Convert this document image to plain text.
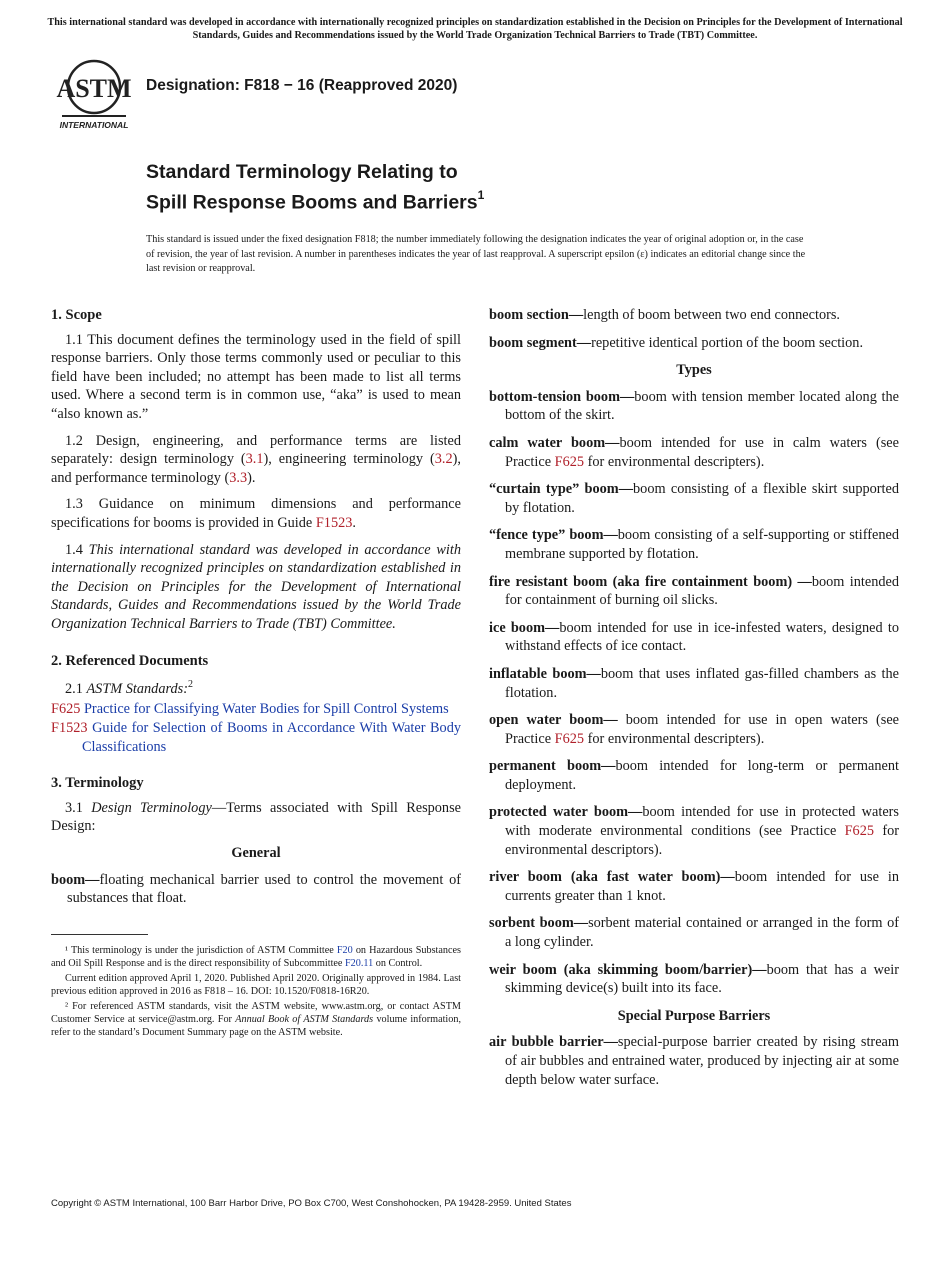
This international standard was developed in accordance with internationally recognized principles on standardization established in the Decision on Principles for the Development of International Standards, Guides and Recommendations issued by the World Trade Organization Technical Barriers to Trade (TBT) Committee.
ASTM
INTERNATIONAL
Designation: F818 − 16 (Reapproved 2020)
Standard Terminology Relating to
Spill Response Booms and Barriers$^1$
This standard is issued under the fixed designation F818; the number immediately following the designation indicates the year of original adoption or, in the case of revision, the year of last revision. A number in parentheses indicates the year of last reapproval. A superscript epsilon (ε) indicates an editorial change since the last revision or reapproval.
1. Scope

1.1 This document defines the terminology used in the field of spill response barriers. Only those terms commonly used or peculiar to this field have been included; no attempt has been made to list all terms used. Where a second term is in common use, “aka” is used to mean “also known as.”

1.2 Design, engineering, and performance terms are listed separately: design terminology (3.1), engineering terminology (3.2), and performance terminology (3.3).

1.3 Guidance on minimum dimensions and performance specifications for booms is provided in Guide F1523.

1.4 This international standard was developed in accordance with internationally recognized principles on standardization established in the Decision on Principles for the Development of International Standards, Guides and Recommendations issued by the World Trade Organization Technical Barriers to Trade (TBT) Committee.

2. Referenced Documents

2.1 ASTM Standards:$^2$

F625 Practice for Classifying Water Bodies for Spill Control Systems

F1523 Guide for Selection of Booms in Accordance With Water Body Classifications

3. Terminology

3.1 Design Terminology—Terms associated with Spill Response Design:

General

boom—floating mechanical barrier used to control the movement of substances that float.

¹ This terminology is under the jurisdiction of ASTM Committee F20 on Hazardous Substances and Oil Spill Response and is the direct responsibility of Subcommittee F20.11 on Control.

Current edition approved April 1, 2020. Published April 2020. Originally approved in 1984. Last previous edition approved in 2016 as F818 – 16. DOI: 10.1520/F0818-16R20.

² For referenced ASTM standards, visit the ASTM website, www.astm.org, or contact ASTM Customer Service at service@astm.org. For Annual Book of ASTM Standards volume information, refer to the standard’s Document Summary page on the ASTM website.

boom section—length of boom between two end connectors.

boom segment—repetitive identical portion of the boom section.

Types

bottom-tension boom—boom with tension member located along the bottom of the skirt.

calm water boom—boom intended for use in calm waters (see Practice F625 for environmental descripters).

“curtain type” boom—boom consisting of a flexible skirt supported by flotation.

“fence type” boom—boom consisting of a self-supporting or stiffened membrane supported by flotation.

fire resistant boom (aka fire containment boom) —boom intended for containment of burning oil slicks.

ice boom—boom intended for use in ice-infested waters, designed to withstand effects of ice contact.

inflatable boom—boom that uses inflated gas-filled chambers as the flotation.

open water boom— boom intended for use in open waters (see Practice F625 for environmental descripters).

permanent boom—boom intended for long-term or permanent deployment.

protected water boom—boom intended for use in protected waters with moderate environmental conditions (see Practice F625 for environmental descriptors).

river boom (aka fast water boom)—boom intended for use in currents greater than 1 knot.

sorbent boom—sorbent material contained or arranged in the form of a long cylinder.

weir boom (aka skimming boom/barrier)—boom that has a weir skimming device(s) built into its face.

Special Purpose Barriers

air bubble barrier—special-purpose barrier created by rising stream of air bubbles and entrained water, produced by injecting air at some depth below water surface.

Copyright © ASTM International, 100 Barr Harbor Drive, PO Box C700, West Conshohocken, PA 19428-2959. United States
